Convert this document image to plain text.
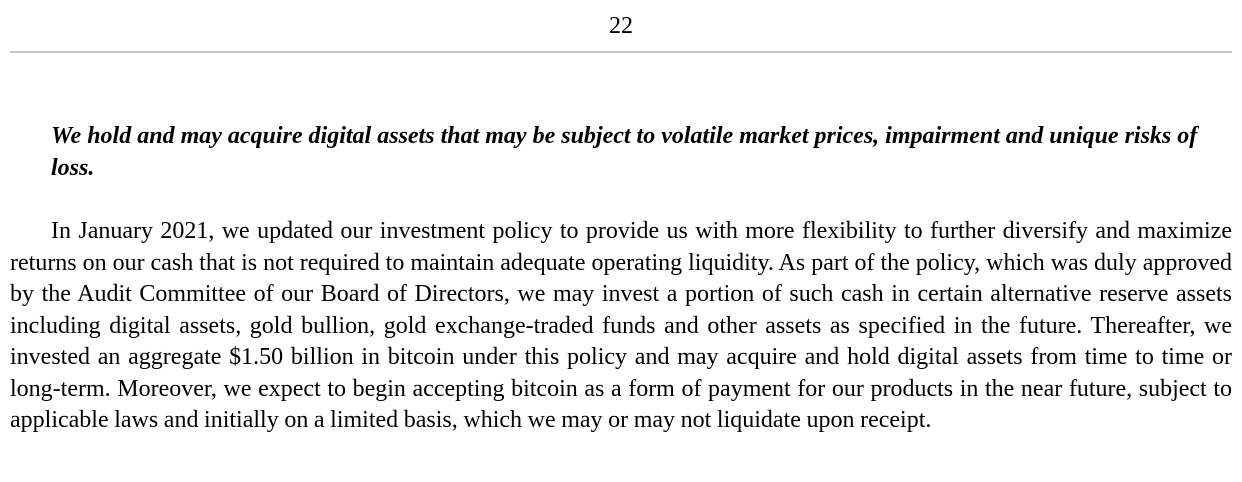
22

We hold and may acquire digital assets that may be subject to volatile market prices, impairment and unique risks of loss.

In January 2021, we updated our investment policy to provide us with more flexibility to further diversify and maximize returns on our cash that is not required to maintain adequate operating liquidity. As part of the policy, which was duly approved by the Audit Committee of our Board of Directors, we may invest a portion of such cash in certain alternative reserve assets including digital assets, gold bullion, gold exchange-traded funds and other assets as specified in the future. Thereafter, we invested an aggregate $1.50 billion in bitcoin under this policy and may acquire and hold digital assets from time to time or long-term. Moreover, we expect to begin accepting bitcoin as a form of payment for our products in the near future, subject to applicable laws and initially on a limited basis, which we may or may not liquidate upon receipt.
